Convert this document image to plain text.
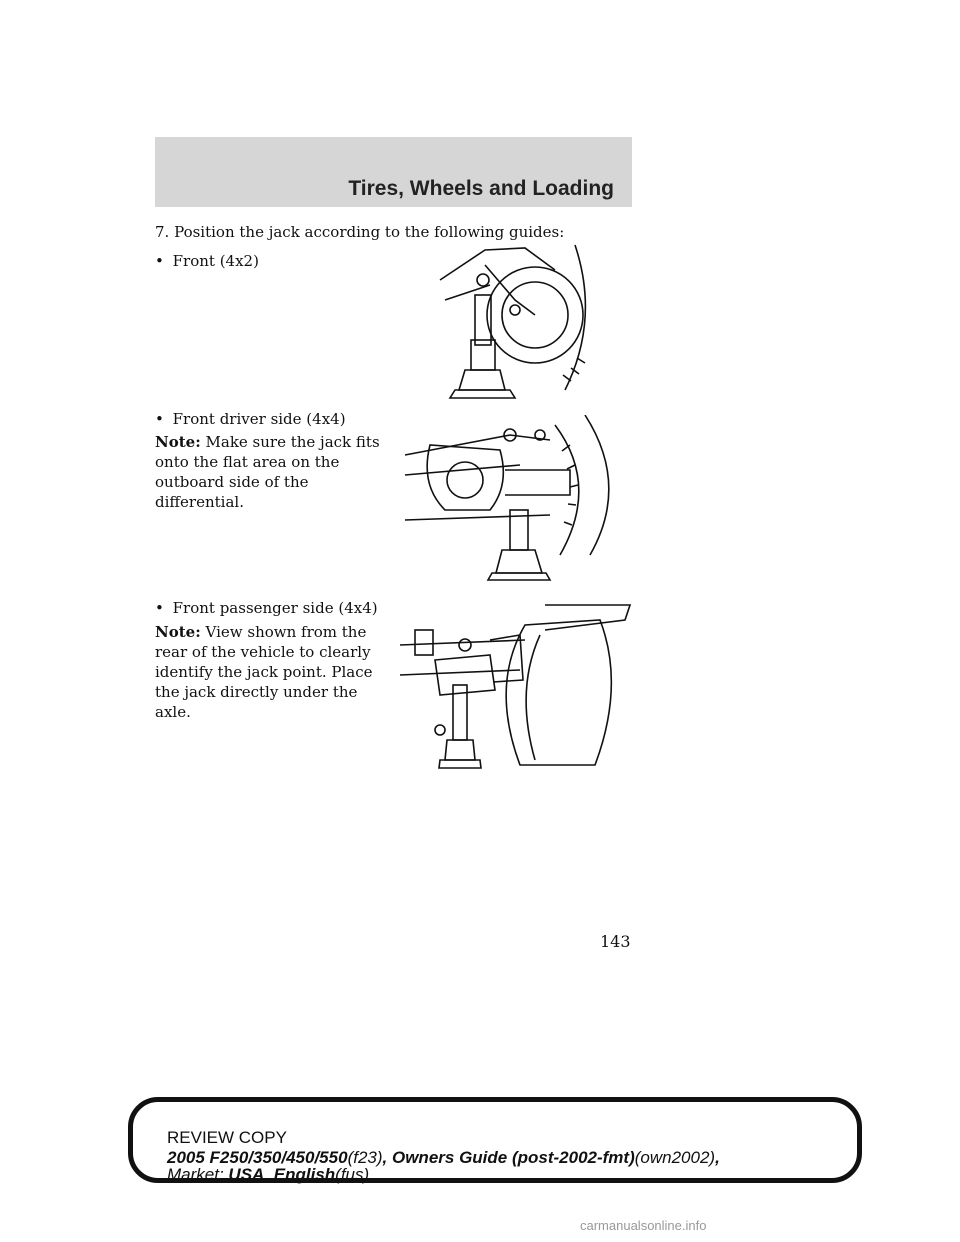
Tires, Wheels and Loading
7. Position the jack according to the following guides:
• Front (4x2)
• Front driver side (4x4)
Note: Make sure the jack fits onto the flat area on the outboard side of the differential.
• Front passenger side (4x4)
Note: View shown from the rear of the vehicle to clearly identify the jack point. Place the jack directly under the axle.
143
REVIEW COPY
2005 F250/350/450/550(f23), Owners Guide (post-2002-fmt)(own2002),
Market: USA_English(fus)
carmanualsonline.info
